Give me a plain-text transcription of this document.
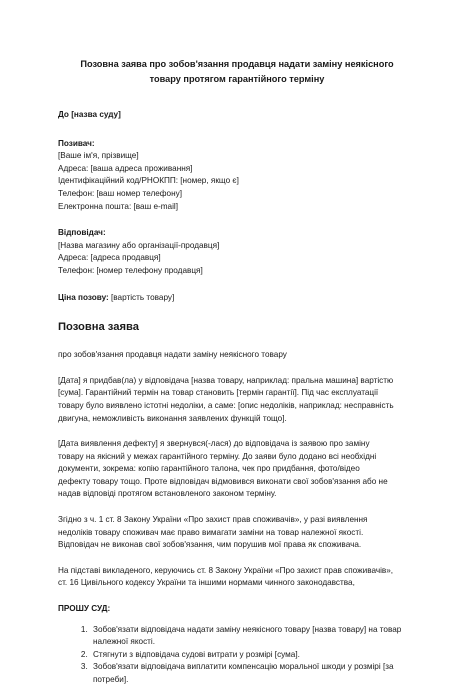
Позовна заява про зобов'язання продавця надати заміну неякісного
товару протягом гарантійного терміну
До [назва суду]
Позивач:
[Ваше ім'я, прізвище]
Адреса: [ваша адреса проживання]
Ідентифікаційний код/РНОКПП: [номер, якщо є]
Телефон: [ваш номер телефону]
Електронна пошта: [ваш e-mail]
Відповідач:
[Назва магазину або організації-продавця]
Адреса: [адреса продавця]
Телефон: [номер телефону продавця]
Ціна позову: [вартість товару]
Позовна заява
про зобов'язання продавця надати заміну неякісного товару
[Дата] я придбав(ла) у відповідача [назва товару, наприклад: пральна машина] вартістю
[сума]. Гарантійний термін на товар становить [термін гарантії]. Під час експлуатації
товару було виявлено істотні недоліки, а саме: [опис недоліків, наприклад: несправність
двигуна, неможливість виконання заявлених функцій тощо].
[Дата виявлення дефекту] я звернувся(-лася) до відповідача із заявою про заміну
товару на якісний у межах гарантійного терміну. До заяви було додано всі необхідні
документи, зокрема: копію гарантійного талона, чек про придбання, фото/відео
дефекту товару тощо. Проте відповідач відмовився виконати свої зобов'язання або не
надав відповіді протягом встановленого законом терміну.
Згідно з ч. 1 ст. 8 Закону України «Про захист прав споживачів», у разі виявлення
недоліків товару споживач має право вимагати заміни на товар належної якості.
Відповідач не виконав свої зобов'язання, чим порушив мої права як споживача.
На підставі викладеного, керуючись ст. 8 Закону України «Про захист прав споживачів»,
ст. 16 Цивільного кодексу України та іншими нормами чинного законодавства,
ПРОШУ СУД:
1. Зобов'язати відповідача надати заміну неякісного товару [назва товару] на товар
належної якості.
2. Стягнути з відповідача судові витрати у розмірі [сума].
3. Зобов'язати відповідача виплатити компенсацію моральної шкоди у розмірі [за
потреби].
